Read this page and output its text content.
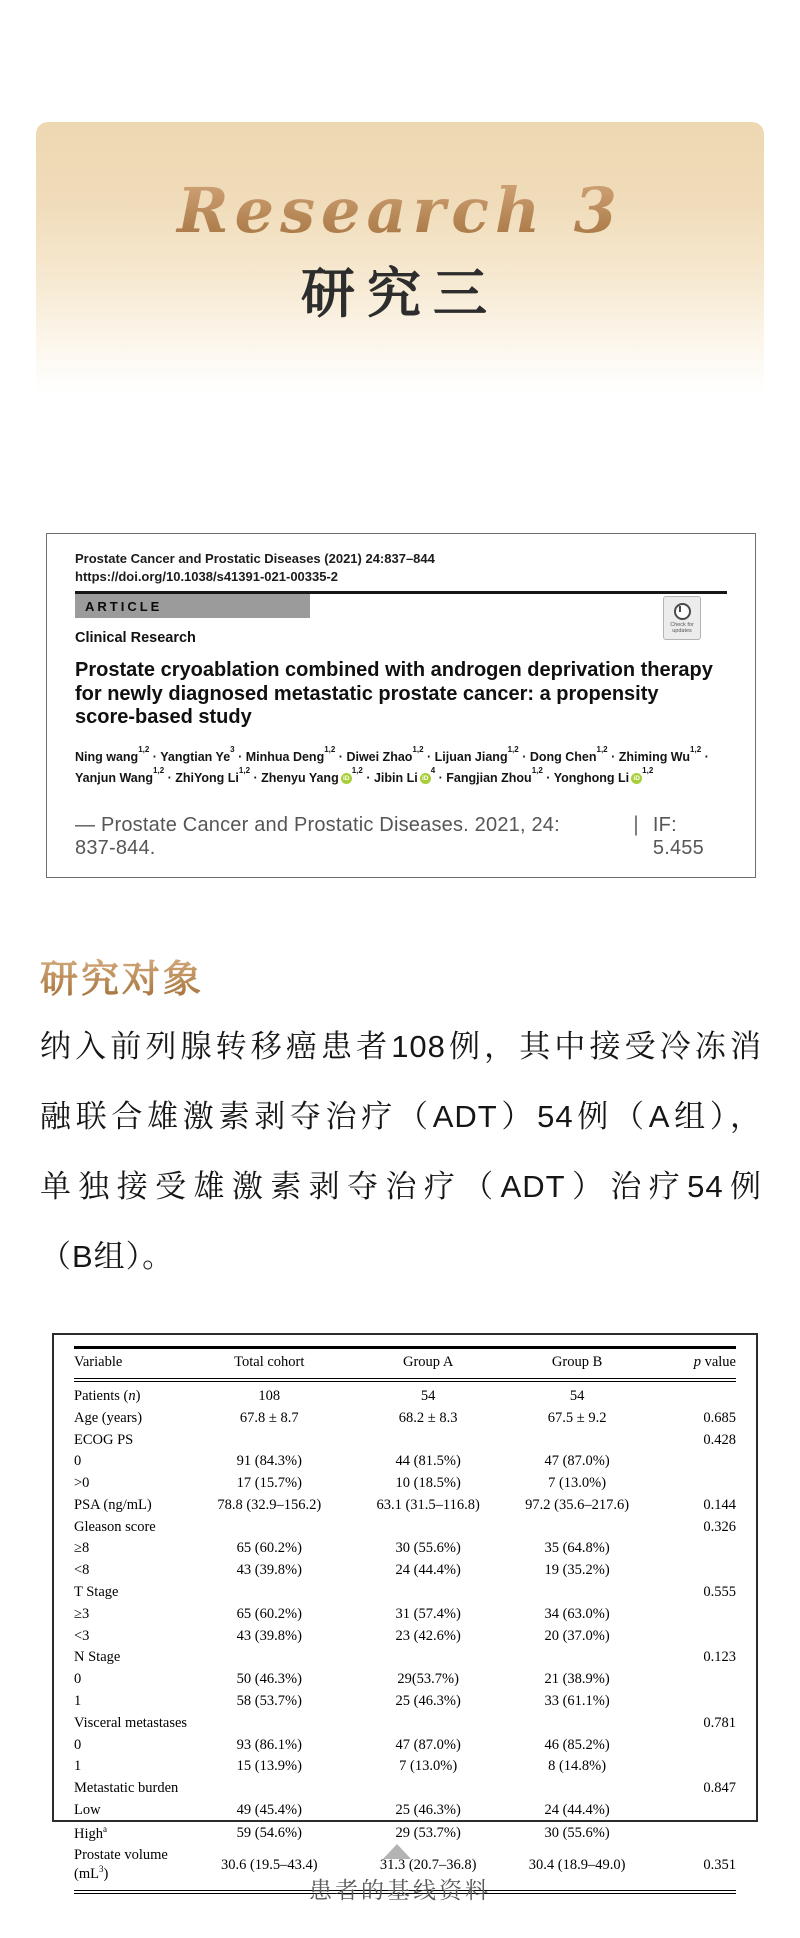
Research 3
研究三
Prostate Cancer and Prostatic Diseases (2021) 24:837–844
https://doi.org/10.1038/s41391-021-00335-2
ARTICLE
Check for
updates
Clinical Research
Prostate cryoablation combined with androgen deprivation therapy
for newly diagnosed metastatic prostate cancer: a propensity
score-based study
Ning wang$^{1,2}$ · Yangtian $Ye^3$ · Minhua Deng$^{1,2}$ · Diwei Zhao$^{1,2}$ · Lijuan Jiang$^{1,2}$ · Dong Chen$^{1,2}$ · Zhiming Wu$^{1,2}$ ·
Yanjun Wang$^{1,2}$ · ZhiYong Li$^{1,2}$ · Zhenyu Yang iD$^{1,2}$ · Jibin Li $iD^4$ · Fangjian Zhou$^{1,2}$ · Yonghong Li iD$^{1,2}$
— Prostate Cancer and Prostatic Diseases. 2021, 24: 837-844.
| IF: 5.455
研究对象
纳入前列腺转移癌患者108例，其中接受冷冻消
融联合雄激素剥夺治疗（ADT）54例（A组），
单独接受雄激素剥夺治疗（ADT）治疗54例
（B组）。
Variable	Total cohort	Group A	Group B	p value
Patients (n)	108	54	54	
Age (years)	67.8 ± 8.7	68.2 ± 8.3	67.5 ± 9.2	0.685
ECOG PS				0.428
0	91 (84.3%)	44 (81.5%)	47 (87.0%)	
>0	17 (15.7%)	10 (18.5%)	7 (13.0%)	
PSA (ng/mL)	78.8 (32.9–156.2)	63.1 (31.5–116.8)	97.2 (35.6–217.6)	0.144
Gleason score				0.326
≥8	65 (60.2%)	30 (55.6%)	35 (64.8%)	
<8	43 (39.8%)	24 (44.4%)	19 (35.2%)	
T Stage				0.555
≥3	65 (60.2%)	31 (57.4%)	34 (63.0%)	
<3	43 (39.8%)	23 (42.6%)	20 (37.0%)	
N Stage				0.123
0	50 (46.3%)	29(53.7%)	21 (38.9%)	
1	58 (53.7%)	25 (46.3%)	33 (61.1%)	
Visceral metastases				0.781
0	93 (86.1%)	47 (87.0%)	46 (85.2%)	
1	15 (13.9%)	7 (13.0%)	8 (14.8%)	
Metastatic burden				0.847
Low	49 (45.4%)	25 (46.3%)	24 (44.4%)	
High$^a$	59 (54.6%)	29 (53.7%)	30 (55.6%)	
Prostate volume $(mL^3)$	30.6 (19.5–43.4)	31.3 (20.7–36.8)	30.4 (18.9–49.0)	0.351
患者的基线资料
